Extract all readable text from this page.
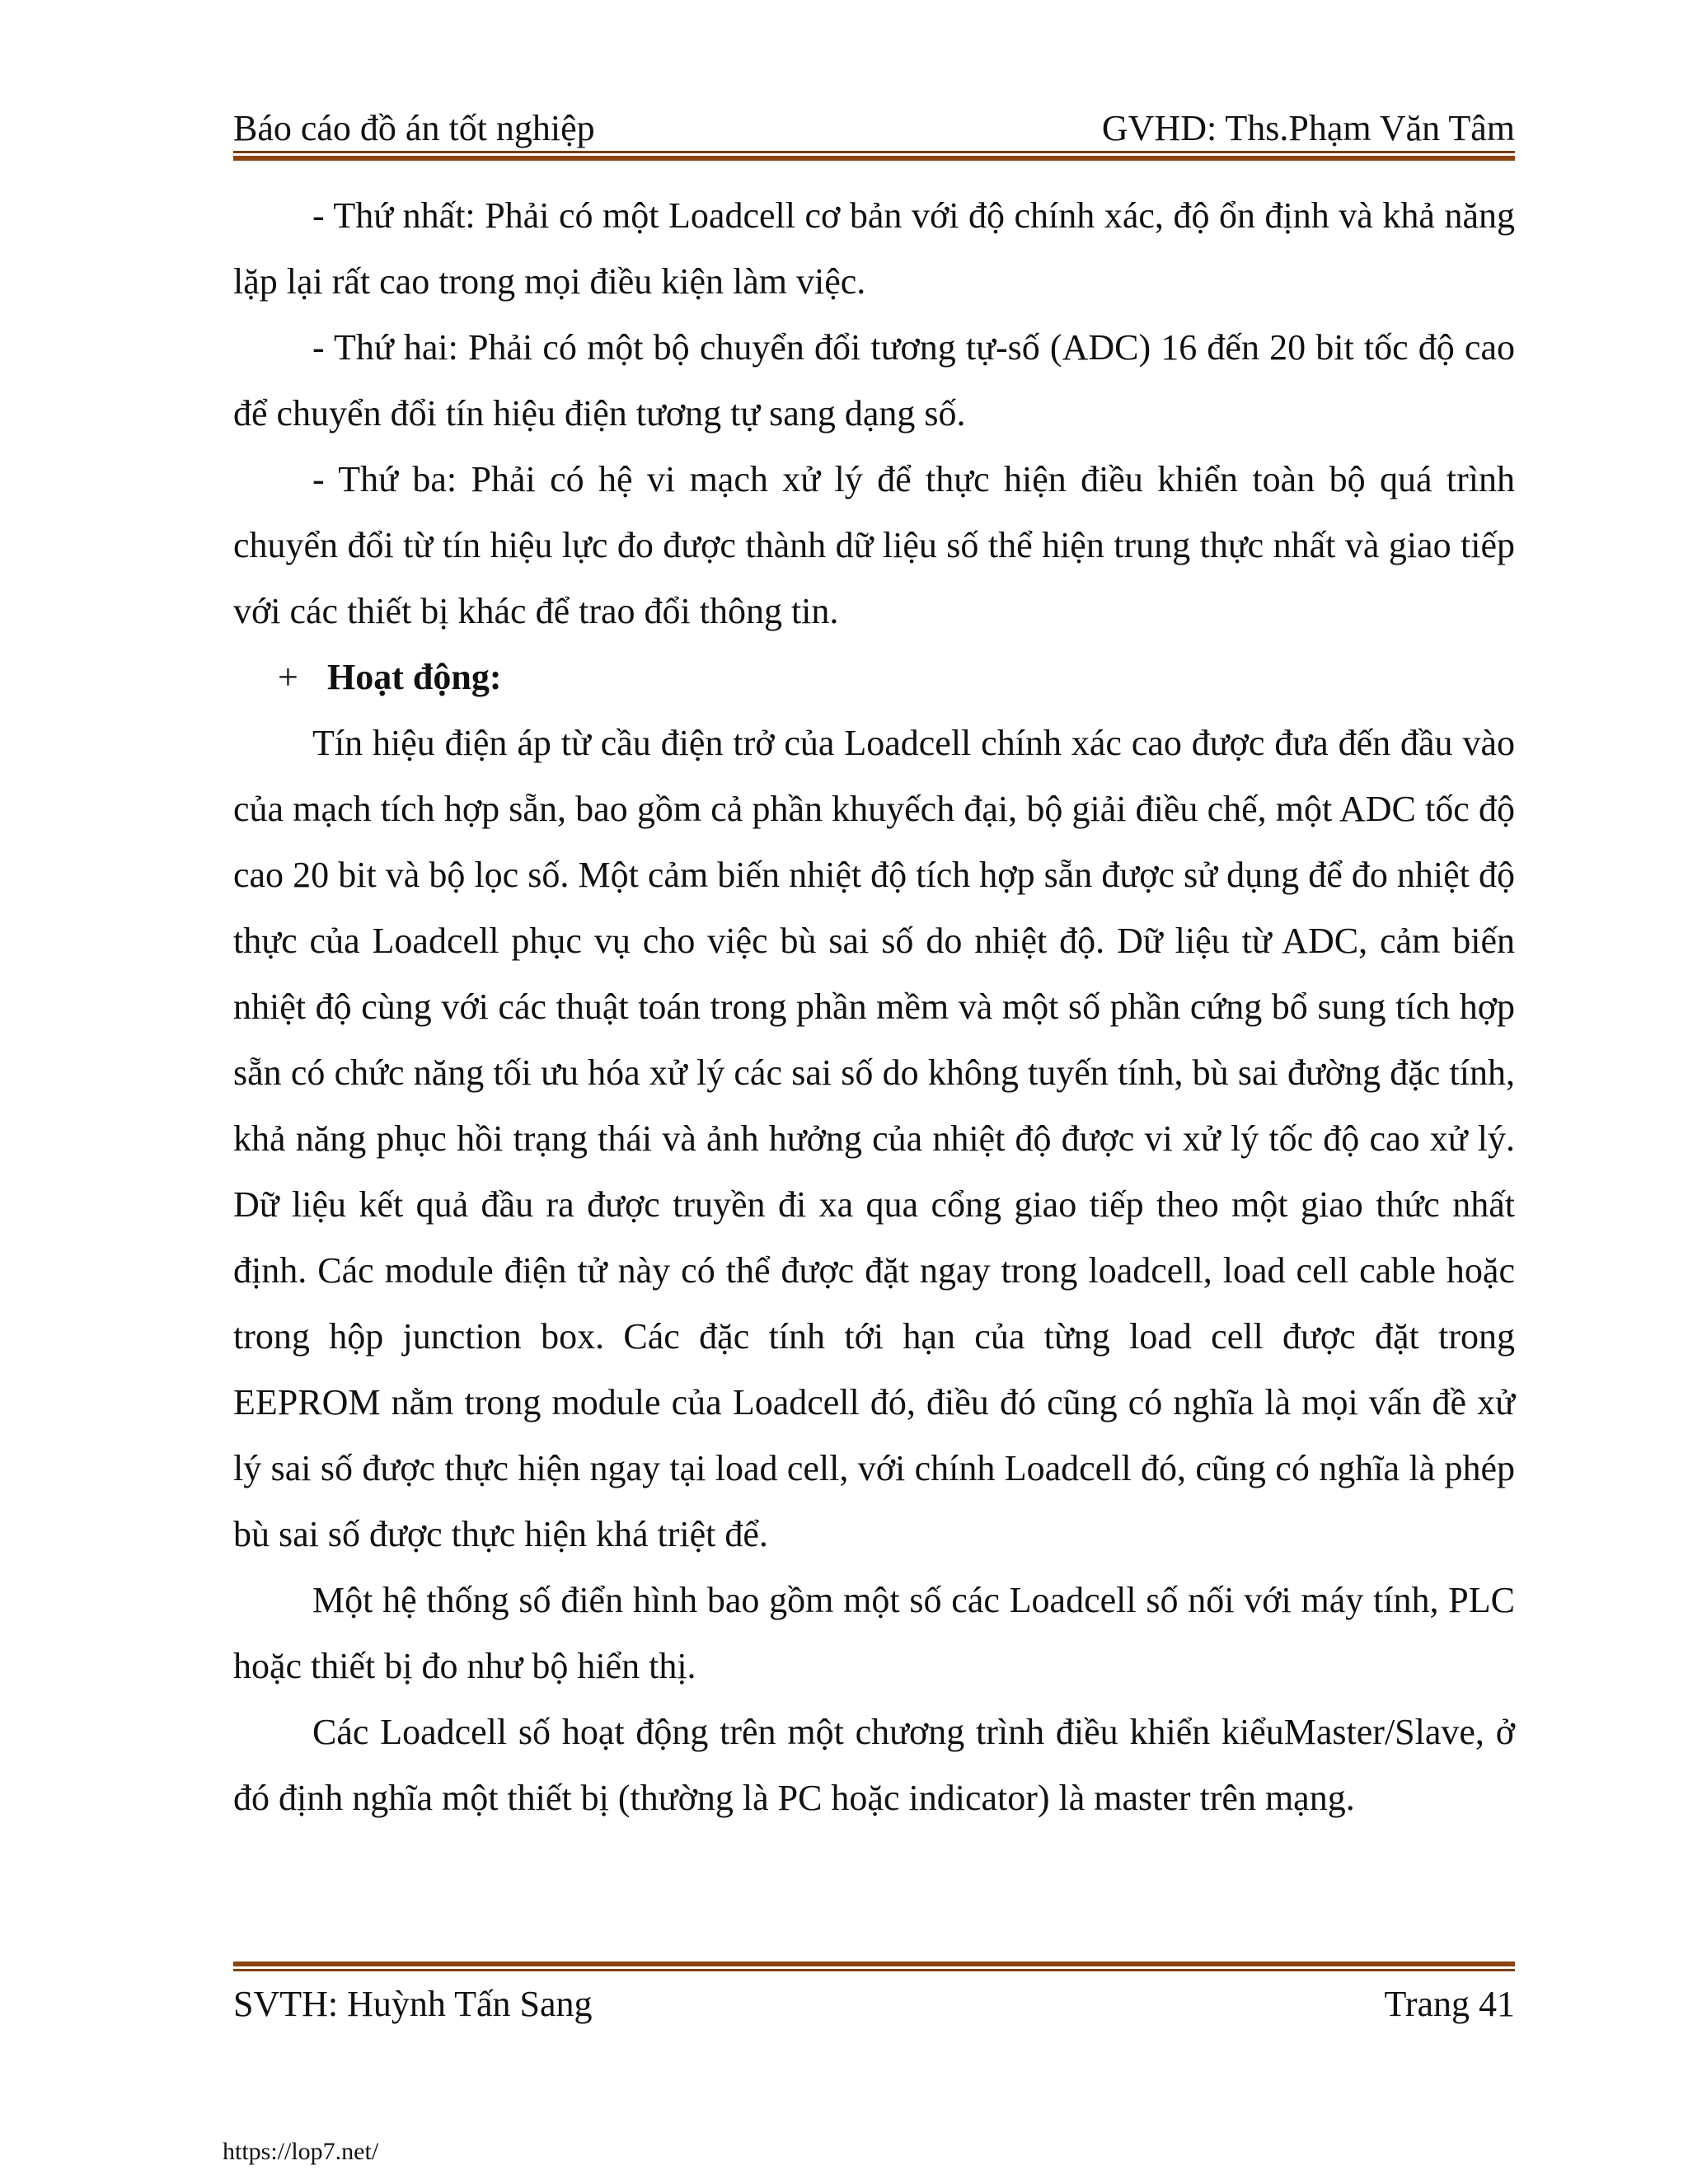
Báo cáo đồ án tốt nghiệp	GVHD: Ths.Phạm Văn Tâm

- Thứ nhất: Phải có một Loadcell cơ bản với độ chính xác, độ ổn định và khả năng lặp lại rất cao trong mọi điều kiện làm việc.

- Thứ hai: Phải có một bộ chuyển đổi tương tự-số (ADC) 16 đến 20 bit tốc độ cao để chuyển đổi tín hiệu điện tương tự sang dạng số.

- Thứ ba: Phải có hệ vi mạch xử lý để thực hiện điều khiển toàn bộ quá trình chuyển đổi từ tín hiệu lực đo được thành dữ liệu số thể hiện trung thực nhất và giao tiếp với các thiết bị khác để trao đổi thông tin.

+ Hoạt động:

Tín hiệu điện áp từ cầu điện trở của Loadcell chính xác cao được đưa đến đầu vào của mạch tích hợp sẵn, bao gồm cả phần khuyếch đại, bộ giải điều chế, một ADC tốc độ cao 20 bit và bộ lọc số. Một cảm biến nhiệt độ tích hợp sẵn được sử dụng để đo nhiệt độ thực của Loadcell phục vụ cho việc bù sai số do nhiệt độ. Dữ liệu từ ADC, cảm biến nhiệt độ cùng với các thuật toán trong phần mềm và một số phần cứng bổ sung tích hợp sẵn có chức năng tối ưu hóa xử lý các sai số do không tuyến tính, bù sai đường đặc tính, khả năng phục hồi trạng thái và ảnh hưởng của nhiệt độ được vi xử lý tốc độ cao xử lý. Dữ liệu kết quả đầu ra được truyền đi xa qua cổng giao tiếp theo một giao thức nhất định. Các module điện tử này có thể được đặt ngay trong loadcell, load cell cable hoặc trong hộp junction box. Các đặc tính tới hạn của từng load cell được đặt trong EEPROM nằm trong module của Loadcell đó, điều đó cũng có nghĩa là mọi vấn đề xử lý sai số được thực hiện ngay tại load cell, với chính Loadcell đó, cũng có nghĩa là phép bù sai số được thực hiện khá triệt để.

Một hệ thống số điển hình bao gồm một số các Loadcell số nối với máy tính, PLC hoặc thiết bị đo như bộ hiển thị.

Các Loadcell số hoạt động trên một chương trình điều khiển kiểuMaster/Slave, ở đó định nghĩa một thiết bị (thường là PC hoặc indicator) là master trên mạng.

SVTH: Huỳnh Tấn Sang	Trang 41
https://lop7.net/
